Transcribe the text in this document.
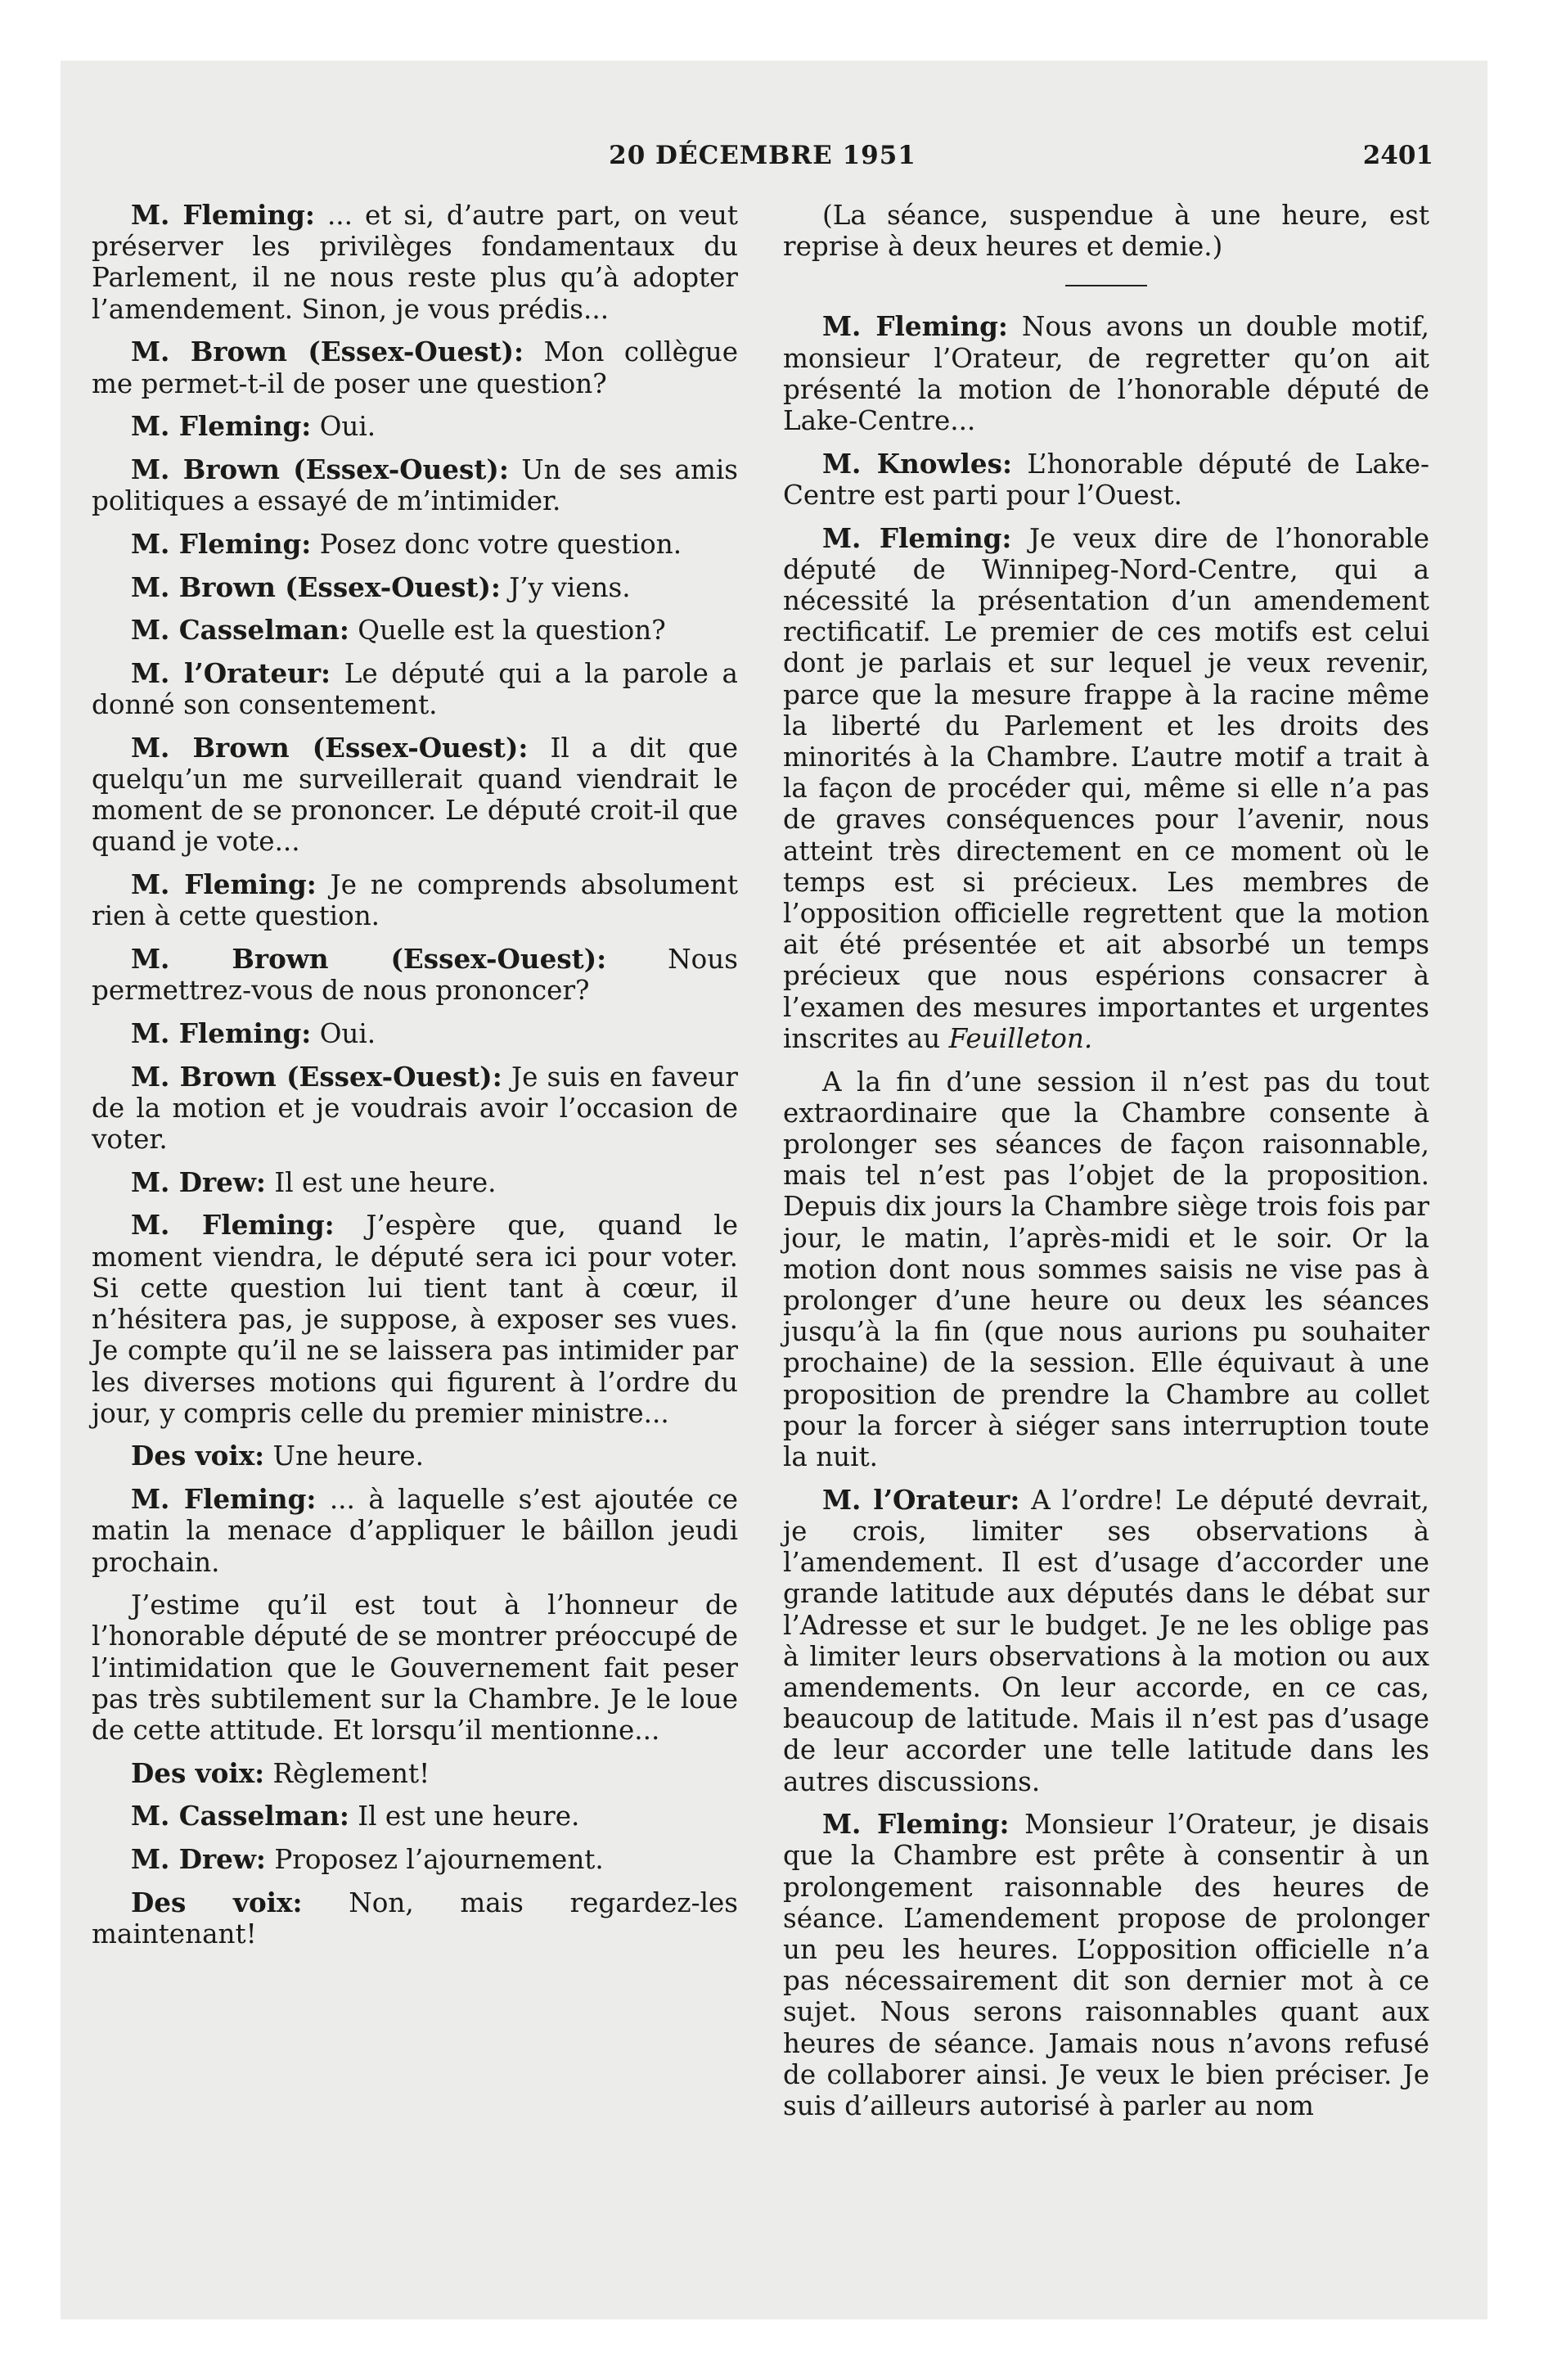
20 DÉCEMBRE 1951	2401

M. Fleming: ... et si, d’autre part, on veut préserver les privilèges fondamentaux du Parlement, il ne nous reste plus qu’à adopter l’amendement. Sinon, je vous prédis...

M. Brown (Essex-Ouest): Mon collègue me permet-t-il de poser une question?

M. Fleming: Oui.

M. Brown (Essex-Ouest): Un de ses amis politiques a essayé de m’intimider.

M. Fleming: Posez donc votre question.

M. Brown (Essex-Ouest): J’y viens.

M. Casselman: Quelle est la question?

M. l’Orateur: Le député qui a la parole a donné son consentement.

M. Brown (Essex-Ouest): Il a dit que quelqu’un me surveillerait quand viendrait le moment de se prononcer. Le député croit-il que quand je vote...

M. Fleming: Je ne comprends absolument rien à cette question.

M. Brown (Essex-Ouest): Nous permettrez-vous de nous prononcer?

M. Fleming: Oui.

M. Brown (Essex-Ouest): Je suis en faveur de la motion et je voudrais avoir l’occasion de voter.

M. Drew: Il est une heure.

M. Fleming: J’espère que, quand le moment viendra, le député sera ici pour voter. Si cette question lui tient tant à cœur, il n’hésitera pas, je suppose, à exposer ses vues. Je compte qu’il ne se laissera pas intimider par les diverses motions qui figurent à l’ordre du jour, y compris celle du premier ministre...

Des voix: Une heure.

M. Fleming: ... à laquelle s’est ajoutée ce matin la menace d’appliquer le bâillon jeudi prochain.

J’estime qu’il est tout à l’honneur de l’honorable député de se montrer préoccupé de l’intimidation que le Gouvernement fait peser pas très subtilement sur la Chambre. Je le loue de cette attitude. Et lorsqu’il mentionne...

Des voix: Règlement!

M. Casselman: Il est une heure.

M. Drew: Proposez l’ajournement.

Des voix: Non, mais regardez-les maintenant!

(La séance, suspendue à une heure, est reprise à deux heures et demie.)

M. Fleming: Nous avons un double motif, monsieur l’Orateur, de regretter qu’on ait présenté la motion de l’honorable député de Lake-Centre...

M. Knowles: L’honorable député de Lake-Centre est parti pour l’Ouest.

M. Fleming: Je veux dire de l’honorable député de Winnipeg-Nord-Centre, qui a nécessité la présentation d’un amendement rectificatif. Le premier de ces motifs est celui dont je parlais et sur lequel je veux revenir, parce que la mesure frappe à la racine même la liberté du Parlement et les droits des minorités à la Chambre. L’autre motif a trait à la façon de procéder qui, même si elle n’a pas de graves conséquences pour l’avenir, nous atteint très directement en ce moment où le temps est si précieux. Les membres de l’opposition officielle regrettent que la motion ait été présentée et ait absorbé un temps précieux que nous espérions consacrer à l’examen des mesures importantes et urgentes inscrites au Feuilleton.

A la fin d’une session il n’est pas du tout extraordinaire que la Chambre consente à prolonger ses séances de façon raisonnable, mais tel n’est pas l’objet de la proposition. Depuis dix jours la Chambre siège trois fois par jour, le matin, l’après-midi et le soir. Or la motion dont nous sommes saisis ne vise pas à prolonger d’une heure ou deux les séances jusqu’à la fin (que nous aurions pu souhaiter prochaine) de la session. Elle équivaut à une proposition de prendre la Chambre au collet pour la forcer à siéger sans interruption toute la nuit.

M. l’Orateur: A l’ordre! Le député devrait, je crois, limiter ses observations à l’amendement. Il est d’usage d’accorder une grande latitude aux députés dans le débat sur l’Adresse et sur le budget. Je ne les oblige pas à limiter leurs observations à la motion ou aux amendements. On leur accorde, en ce cas, beaucoup de latitude. Mais il n’est pas d’usage de leur accorder une telle latitude dans les autres discussions.

M. Fleming: Monsieur l’Orateur, je disais que la Chambre est prête à consentir à un prolongement raisonnable des heures de séance. L’amendement propose de prolonger un peu les heures. L’opposition officielle n’a pas nécessairement dit son dernier mot à ce sujet. Nous serons raisonnables quant aux heures de séance. Jamais nous n’avons refusé de collaborer ainsi. Je veux le bien préciser. Je suis d’ailleurs autorisé à parler au nom
